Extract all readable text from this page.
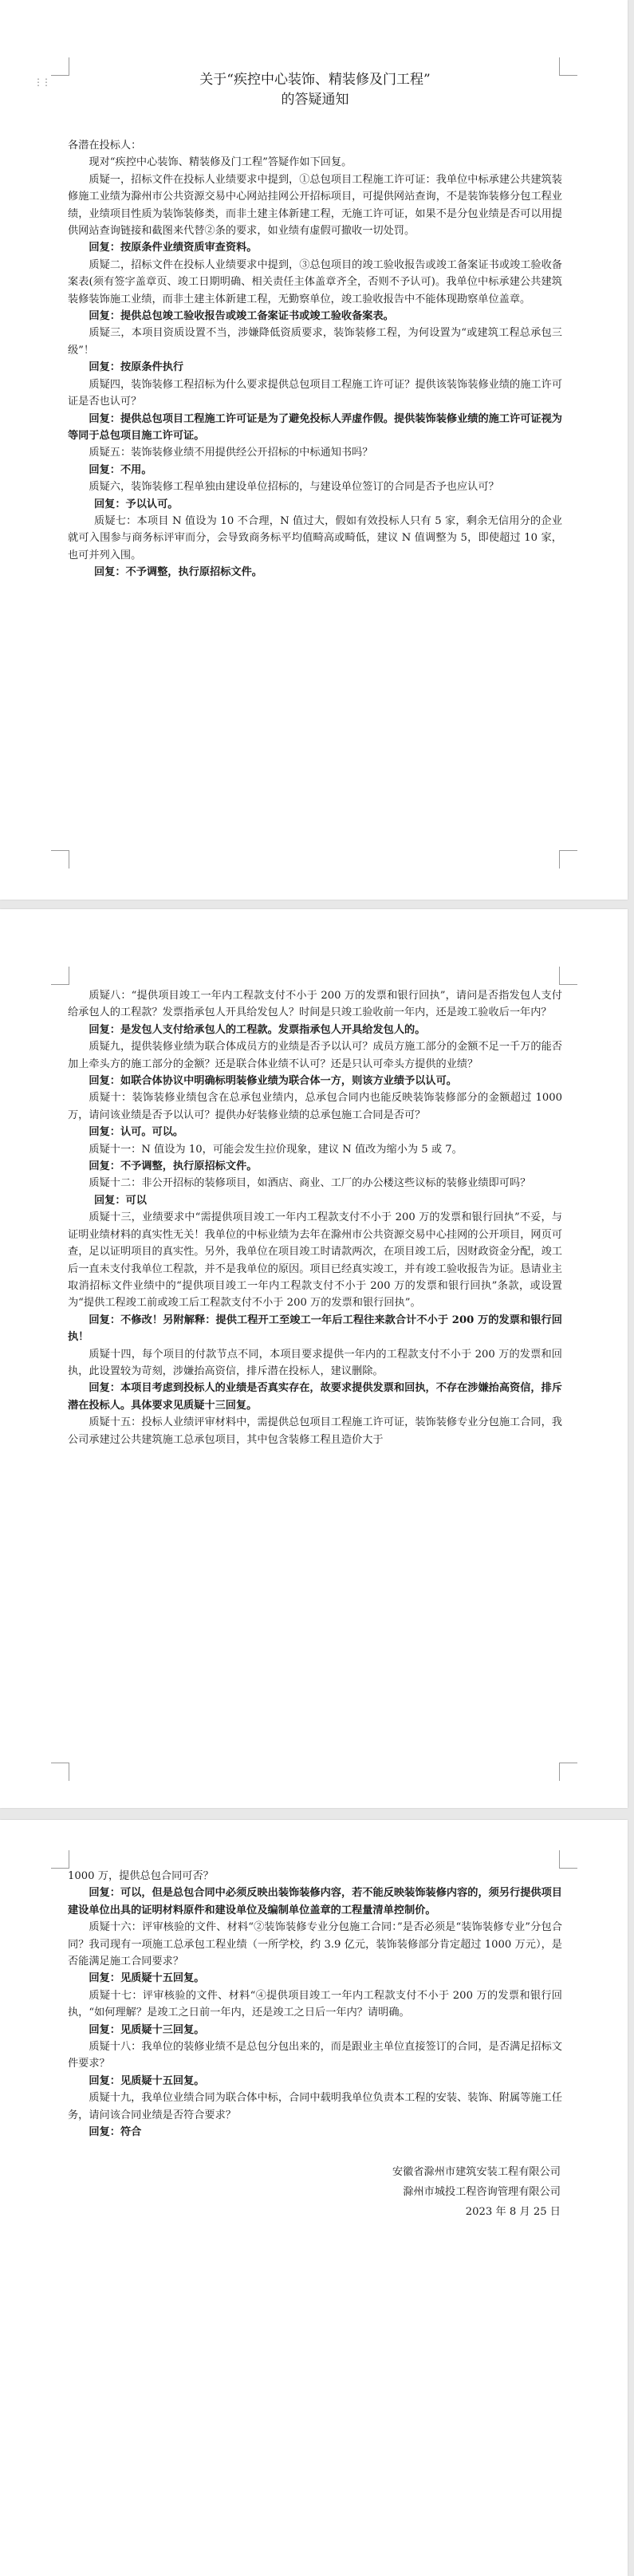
⋮⋮	关于“疾控中心装饰、精装修及门工程”
的答疑通知

各潜在投标人：

现对“疾控中心装饰、精装修及门工程”答疑作如下回复。

质疑一，招标文件在投标人业绩要求中提到，①总包项目工程施工许可证：我单位中标承建公共建筑装修施工业绩为滁州市公共资源交易中心网站挂网公开招标项目，可提供网站查询，不是装饰装修分包工程业绩，业绩项目性质为装饰装修类，而非土建主体新建工程，无施工许可证，如果不是分包业绩是否可以用提供网站查询链接和截图来代替②条的要求，如业绩有虚假可撤收一切处罚。

回复：按原条件业绩资质审查资料。

质疑二，招标文件在投标人业绩要求中提到，③总包项目的竣工验收报告或竣工备案证书或竣工验收备案表(须有签字盖章页、竣工日期明确、相关责任主体盖章齐全，否则不予认可)。我单位中标承建公共建筑装修装饰施工业绩，而非土建主体新建工程，无勤察单位，竣工验收报告中不能体现勘察单位盖章。

回复：提供总包竣工验收报告或竣工备案证书或竣工验收备案表。

质疑三，本项目资质设置不当，涉嫌降低资质要求，装饰装修工程，为何设置为“或建筑工程总承包三级”！

回复：按原条件执行

质疑四，装饰装修工程招标为什么要求提供总包项目工程施工许可证？提供该装饰装修业绩的施工许可证是否也认可？

回复：提供总包项目工程施工许可证是为了避免投标人弄虚作假。提供装饰装修业绩的施工许可证视为等同于总包项目施工许可证。

质疑五：装饰装修业绩不用提供经公开招标的中标通知书吗？

回复：不用。

质疑六，装饰装修工程单独由建设单位招标的，与建设单位签订的合同是否予也应认可？

回复：予以认可。

质疑七：本项目 N 值设为 10 不合理，N 值过大，假如有效投标人只有 5 家，剩余无信用分的企业就可入围参与商务标评审而分，会导致商务标平均值畸高或畸低，建议 N 值调整为 5，即使超过 10 家，也可并列入围。

回复：不予调整，执行原招标文件。

质疑八：“提供项目竣工一年内工程款支付不小于 200 万的发票和银行回执”，请问是否指发包人支付给承包人的工程款？发票指承包人开具给发包人？时间是只竣工验收前一年内，还是竣工验收后一年内？

回复：是发包人支付给承包人的工程款。发票指承包人开具给发包人的。

质疑九，提供装修业绩为联合体成员方的业绩是否予以认可？成员方施工部分的金额不足一千万的能否加上牵头方的施工部分的金额？还是联合体业绩不认可？还是只认可牵头方提供的业绩？

回复：如联合体协议中明确标明装修业绩为联合体一方，则该方业绩予以认可。

质疑十：装饰装修业绩包含在总承包业绩内，总承包合同内也能反映装饰装修部分的金额超过 1000 万，请问该业绩是否予以认可？提供办好装修业绩的总承包施工合同是否可？

回复：认可。可以。

质疑十一：N 值设为 10，可能会发生拉价现象，建议 N 值改为缩小为 5 或 7。

回复：不予调整，执行原招标文件。

质疑十二：非公开招标的装修项目，如酒店、商业、工厂的办公楼这些议标的装修业绩即可吗？

回复：可以

质疑十三，业绩要求中“需提供项目竣工一年内工程款支付不小于 200 万的发票和银行回执”不妥，与证明业绩材料的真实性无关！我单位的中标业绩为去年在滁州市公共资源交易中心挂网的公开项目，网页可查，足以证明项目的真实性。另外，我单位在项目竣工时请款两次，在项目竣工后，因财政资金分配，竣工后一直未支付我单位工程款，并不是我单位的原因。项目已经真实竣工，并有竣工验收报告为证。恳请业主取消招标文件业绩中的“提供项目竣工一年内工程款支付不小于 200 万的发票和银行回执”条款，或设置为“提供工程竣工前或竣工后工程款支付不小于 200 万的发票和银行回执”。

回复：不修改！另附解释：提供工程开工至竣工一年后工程往来款合计不小于 200 万的发票和银行回执！

质疑十四，每个项目的付款节点不同，本项目要求提供一年内的工程款支付不小于 200 万的发票和回执，此设置较为苛刻，涉嫌抬高资信，排斥潜在投标人，建议删除。

回复：本项目考虑到投标人的业绩是否真实存在，故要求提供发票和回执，不存在涉嫌抬高资信，排斥潜在投标人。具体要求见质疑十三回复。

质疑十五：投标人业绩评审材料中，需提供总包项目工程施工许可证，装饰装修专业分包施工合同，我公司承建过公共建筑施工总承包项目，其中包含装修工程且造价大于

1000 万，提供总包合同可否？

回复：可以，但是总包合同中必须反映出装饰装修内容，若不能反映装饰装修内容的，须另行提供项目建设单位出具的证明材料原件和建设单位及编制单位盖章的工程量清单控制价。

质疑十六：评审核验的文件、材料“②装饰装修专业分包施工合同：”是否必须是“装饰装修专业”分包合同？我司现有一项施工总承包工程业绩（一所学校，约 3.9 亿元，装饰装修部分肯定超过 1000 万元），是否能满足施工合同要求？

回复：见质疑十五回复。

质疑十七：评审核验的文件、材料“④提供项目竣工一年内工程款支付不小于 200 万的发票和银行回执，“如何理解？是竣工之日前一年内，还是竣工之日后一年内？请明确。

回复：见质疑十三回复。

质疑十八：我单位的装修业绩不是总包分包出来的，而是跟业主单位直接签订的合同，是否满足招标文件要求？

回复：见质疑十五回复。

质疑十九，我单位业绩合同为联合体中标，合同中载明我单位负责本工程的安装、装饰、附属等施工任务，请问该合同业绩是否符合要求？

回复：符合

安徽省滁州市建筑安装工程有限公司
滁州市城投工程咨询管理有限公司
2023 年 8 月 25 日
